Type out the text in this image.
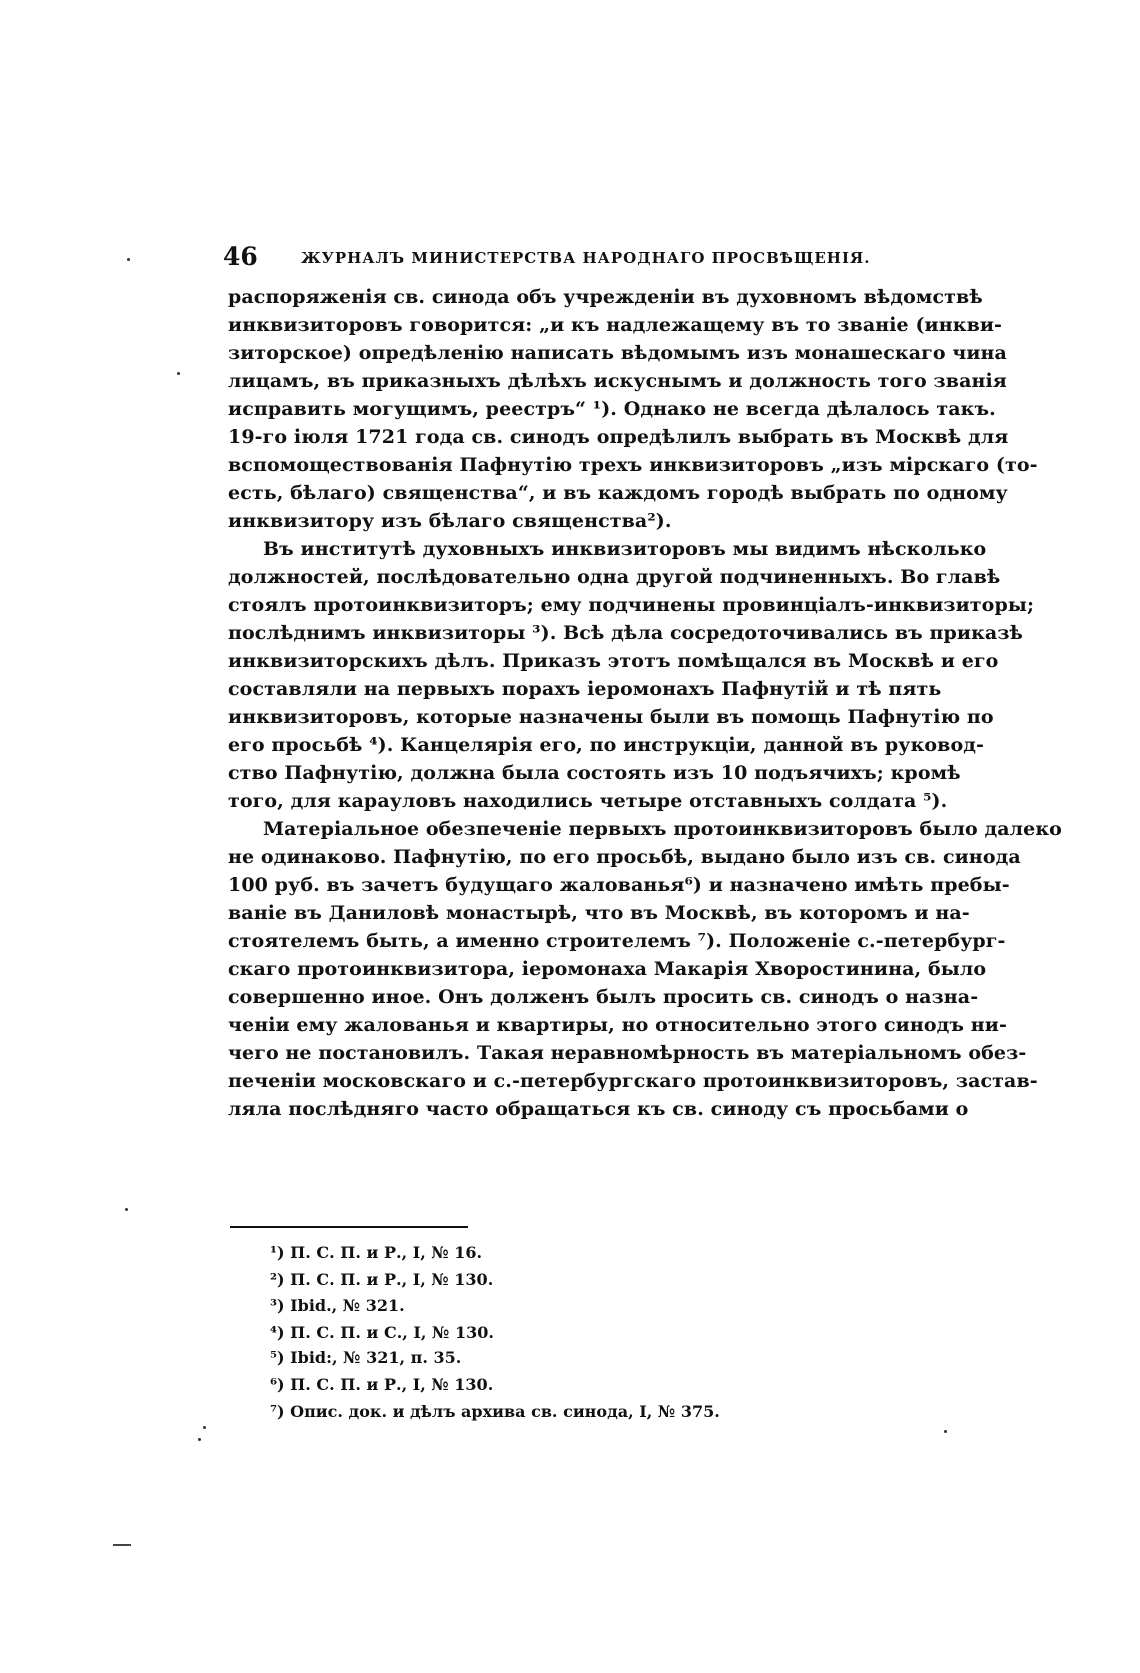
46	ЖУРНАЛЪ МИНИСТЕРСТВА НАРОДНАГО ПРОСВѢЩЕНІЯ.
распоряженія св. синода объ учрежденіи въ духовномъ вѣдомствѣ
инквизиторовъ говорится: „и къ надлежащему въ то званіе (инкви-
зиторское) опредѣленію написать вѣдомымъ изъ монашескаго чина
лицамъ, въ приказныхъ дѣлѣхъ искуснымъ и должность того званія
исправить могущимъ, реестръ“ ¹). Однако не всегда дѣлалось такъ.
19-го іюля 1721 года св. синодъ опредѣлилъ выбрать въ Москвѣ для
вспомоществованія Пафнутію трехъ инквизиторовъ „изъ мірскаго (то-
есть, бѣлаго) священства“, и въ каждомъ городѣ выбрать по одному
инквизитору изъ бѣлаго священства²).
Въ институтѣ духовныхъ инквизиторовъ мы видимъ нѣсколько
должностей, послѣдовательно одна другой подчиненныхъ. Во главѣ
стоялъ протоинквизиторъ; ему подчинены провинціалъ-инквизиторы;
послѣднимъ инквизиторы ³). Всѣ дѣла сосредоточивались въ приказѣ
инквизиторскихъ дѣлъ. Приказъ этотъ помѣщался въ Москвѣ и его
составляли на первыхъ порахъ іеромонахъ Пафнутій и тѣ пять
инквизиторовъ, которые назначены были въ помощь Пафнутію по
его просьбѣ ⁴). Канцелярія его, по инструкціи, данной въ руковод-
ство Пафнутію, должна была состоять изъ 10 подъячихъ; кромѣ
того, для карауловъ находились четыре отставныхъ солдата ⁵).
Матеріальное обезпеченіе первыхъ протоинквизиторовъ было далеко
не одинаково. Пафнутію, по его просьбѣ, выдано было изъ св. синода
100 руб. въ зачетъ будущаго жалованья⁶) и назначено имѣть пребы-
ваніе въ Даниловѣ монастырѣ, что въ Москвѣ, въ которомъ и на-
стоятелемъ быть, а именно строителемъ ⁷). Положеніе с.-петербург-
скаго протоинквизитора, іеромонаха Макарія Хворостинина, было
совершенно иное. Онъ долженъ былъ просить св. синодъ о назна-
ченіи ему жалованья и квартиры, но относительно этого синодъ ни-
чего не постановилъ. Такая неравномѣрность въ матеріальномъ обез-
печеніи московскаго и с.-петербургскаго протоинквизиторовъ, застав-
ляла послѣдняго часто обращаться къ св. синоду съ просьбами о
¹) П. С. П. и Р., I, № 16.
²) П. С. П. и Р., I, № 130.
³) Ibid., № 321.
⁴) П. С. П. и С., I, № 130.
⁵) Ibid:, № 321, п. 35.
⁶) П. С. П. и Р., I, № 130.
⁷) Опис. док. и дѣлъ архива св. синода, I, № 375.
